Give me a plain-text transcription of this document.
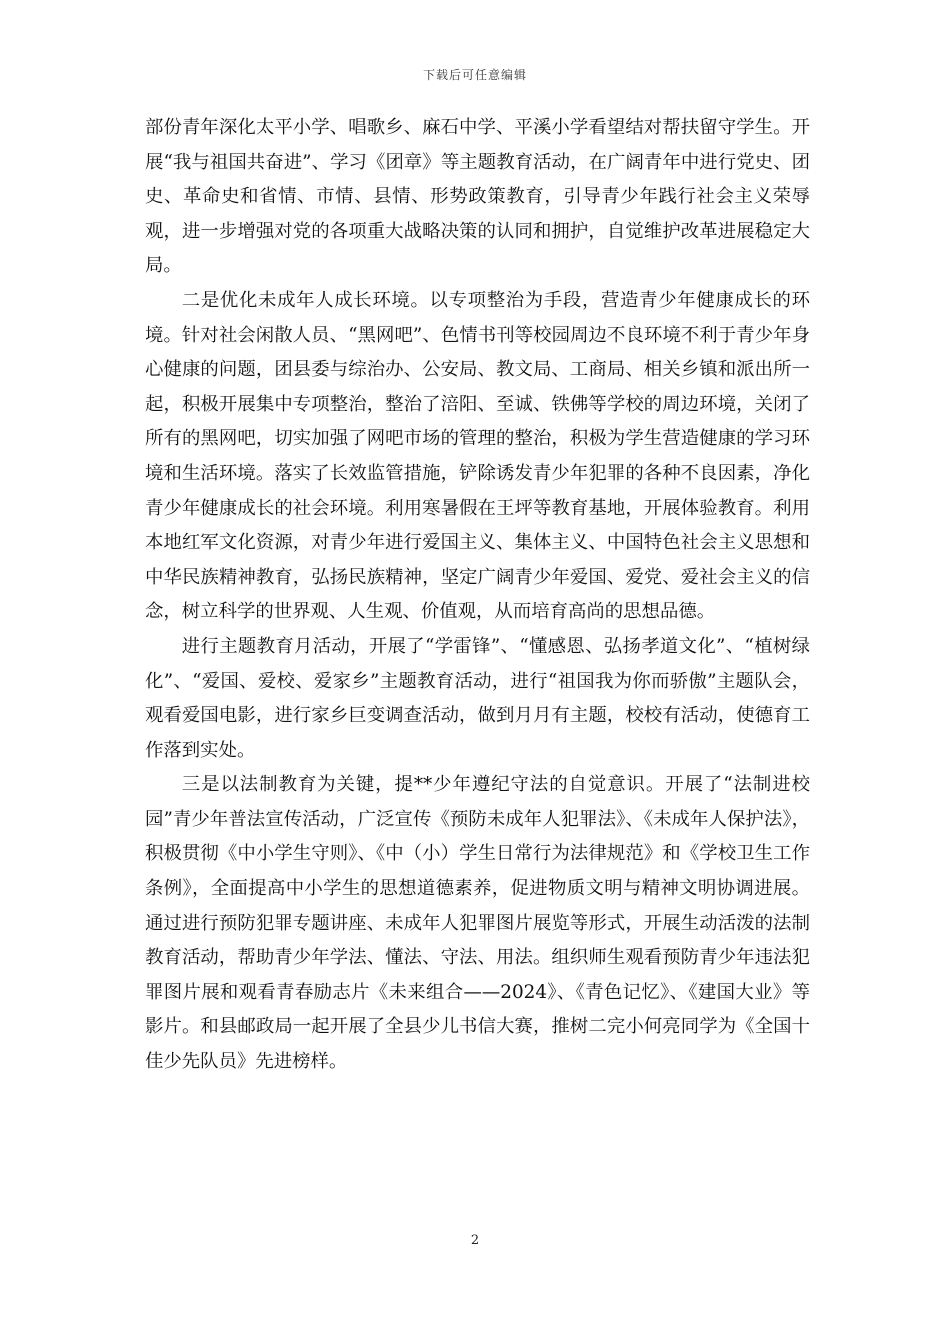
下载后可任意编辑

部份青年深化太平小学、唱歌乡、麻石中学、平溪小学看望结对帮扶留守学生。开展“我与祖国共奋进”、学习《团章》等主题教育活动，在广阔青年中进行党史、团史、革命史和省情、市情、县情、形势政策教育，引导青少年践行社会主义荣辱观，进一步增强对党的各项重大战略决策的认同和拥护，自觉维护改革进展稳定大局。

二是优化未成年人成长环境。以专项整治为手段，营造青少年健康成长的环境。针对社会闲散人员、“黑网吧”、色情书刊等校园周边不良环境不利于青少年身心健康的问题，团县委与综治办、公安局、教文局、工商局、相关乡镇和派出所一起，积极开展集中专项整治，整治了涪阳、至诚、铁佛等学校的周边环境，关闭了所有的黑网吧，切实加强了网吧市场的管理的整治，积极为学生营造健康的学习环境和生活环境。落实了长效监管措施，铲除诱发青少年犯罪的各种不良因素，净化青少年健康成长的社会环境。利用寒暑假在王坪等教育基地，开展体验教育。利用本地红军文化资源，对青少年进行爱国主义、集体主义、中国特色社会主义思想和中华民族精神教育，弘扬民族精神，坚定广阔青少年爱国、爱党、爱社会主义的信念，树立科学的世界观、人生观、价值观，从而培育高尚的思想品德。

进行主题教育月活动，开展了“学雷锋”、“懂感恩、弘扬孝道文化”、“植树绿化”、“爱国、爱校、爱家乡”主题教育活动，进行“祖国我为你而骄傲”主题队会，观看爱国电影，进行家乡巨变调查活动，做到月月有主题，校校有活动，使德育工作落到实处。

三是以法制教育为关键，提**少年遵纪守法的自觉意识。开展了“法制进校园”青少年普法宣传活动，广泛宣传《预防未成年人犯罪法》、《未成年人保护法》，积极贯彻《中小学生守则》、《中（小）学生日常行为法律规范》和《学校卫生工作条例》，全面提高中小学生的思想道德素养，促进物质文明与精神文明协调进展。通过进行预防犯罪专题讲座、未成年人犯罪图片展览等形式，开展生动活泼的法制教育活动，帮助青少年学法、懂法、守法、用法。组织师生观看预防青少年违法犯罪图片展和观看青春励志片《未来组合——2024》、《青色记忆》、《建国大业》等影片。和县邮政局一起开展了全县少儿书信大赛，推树二完小何亮同学为《全国十佳少先队员》先进榜样。

2
